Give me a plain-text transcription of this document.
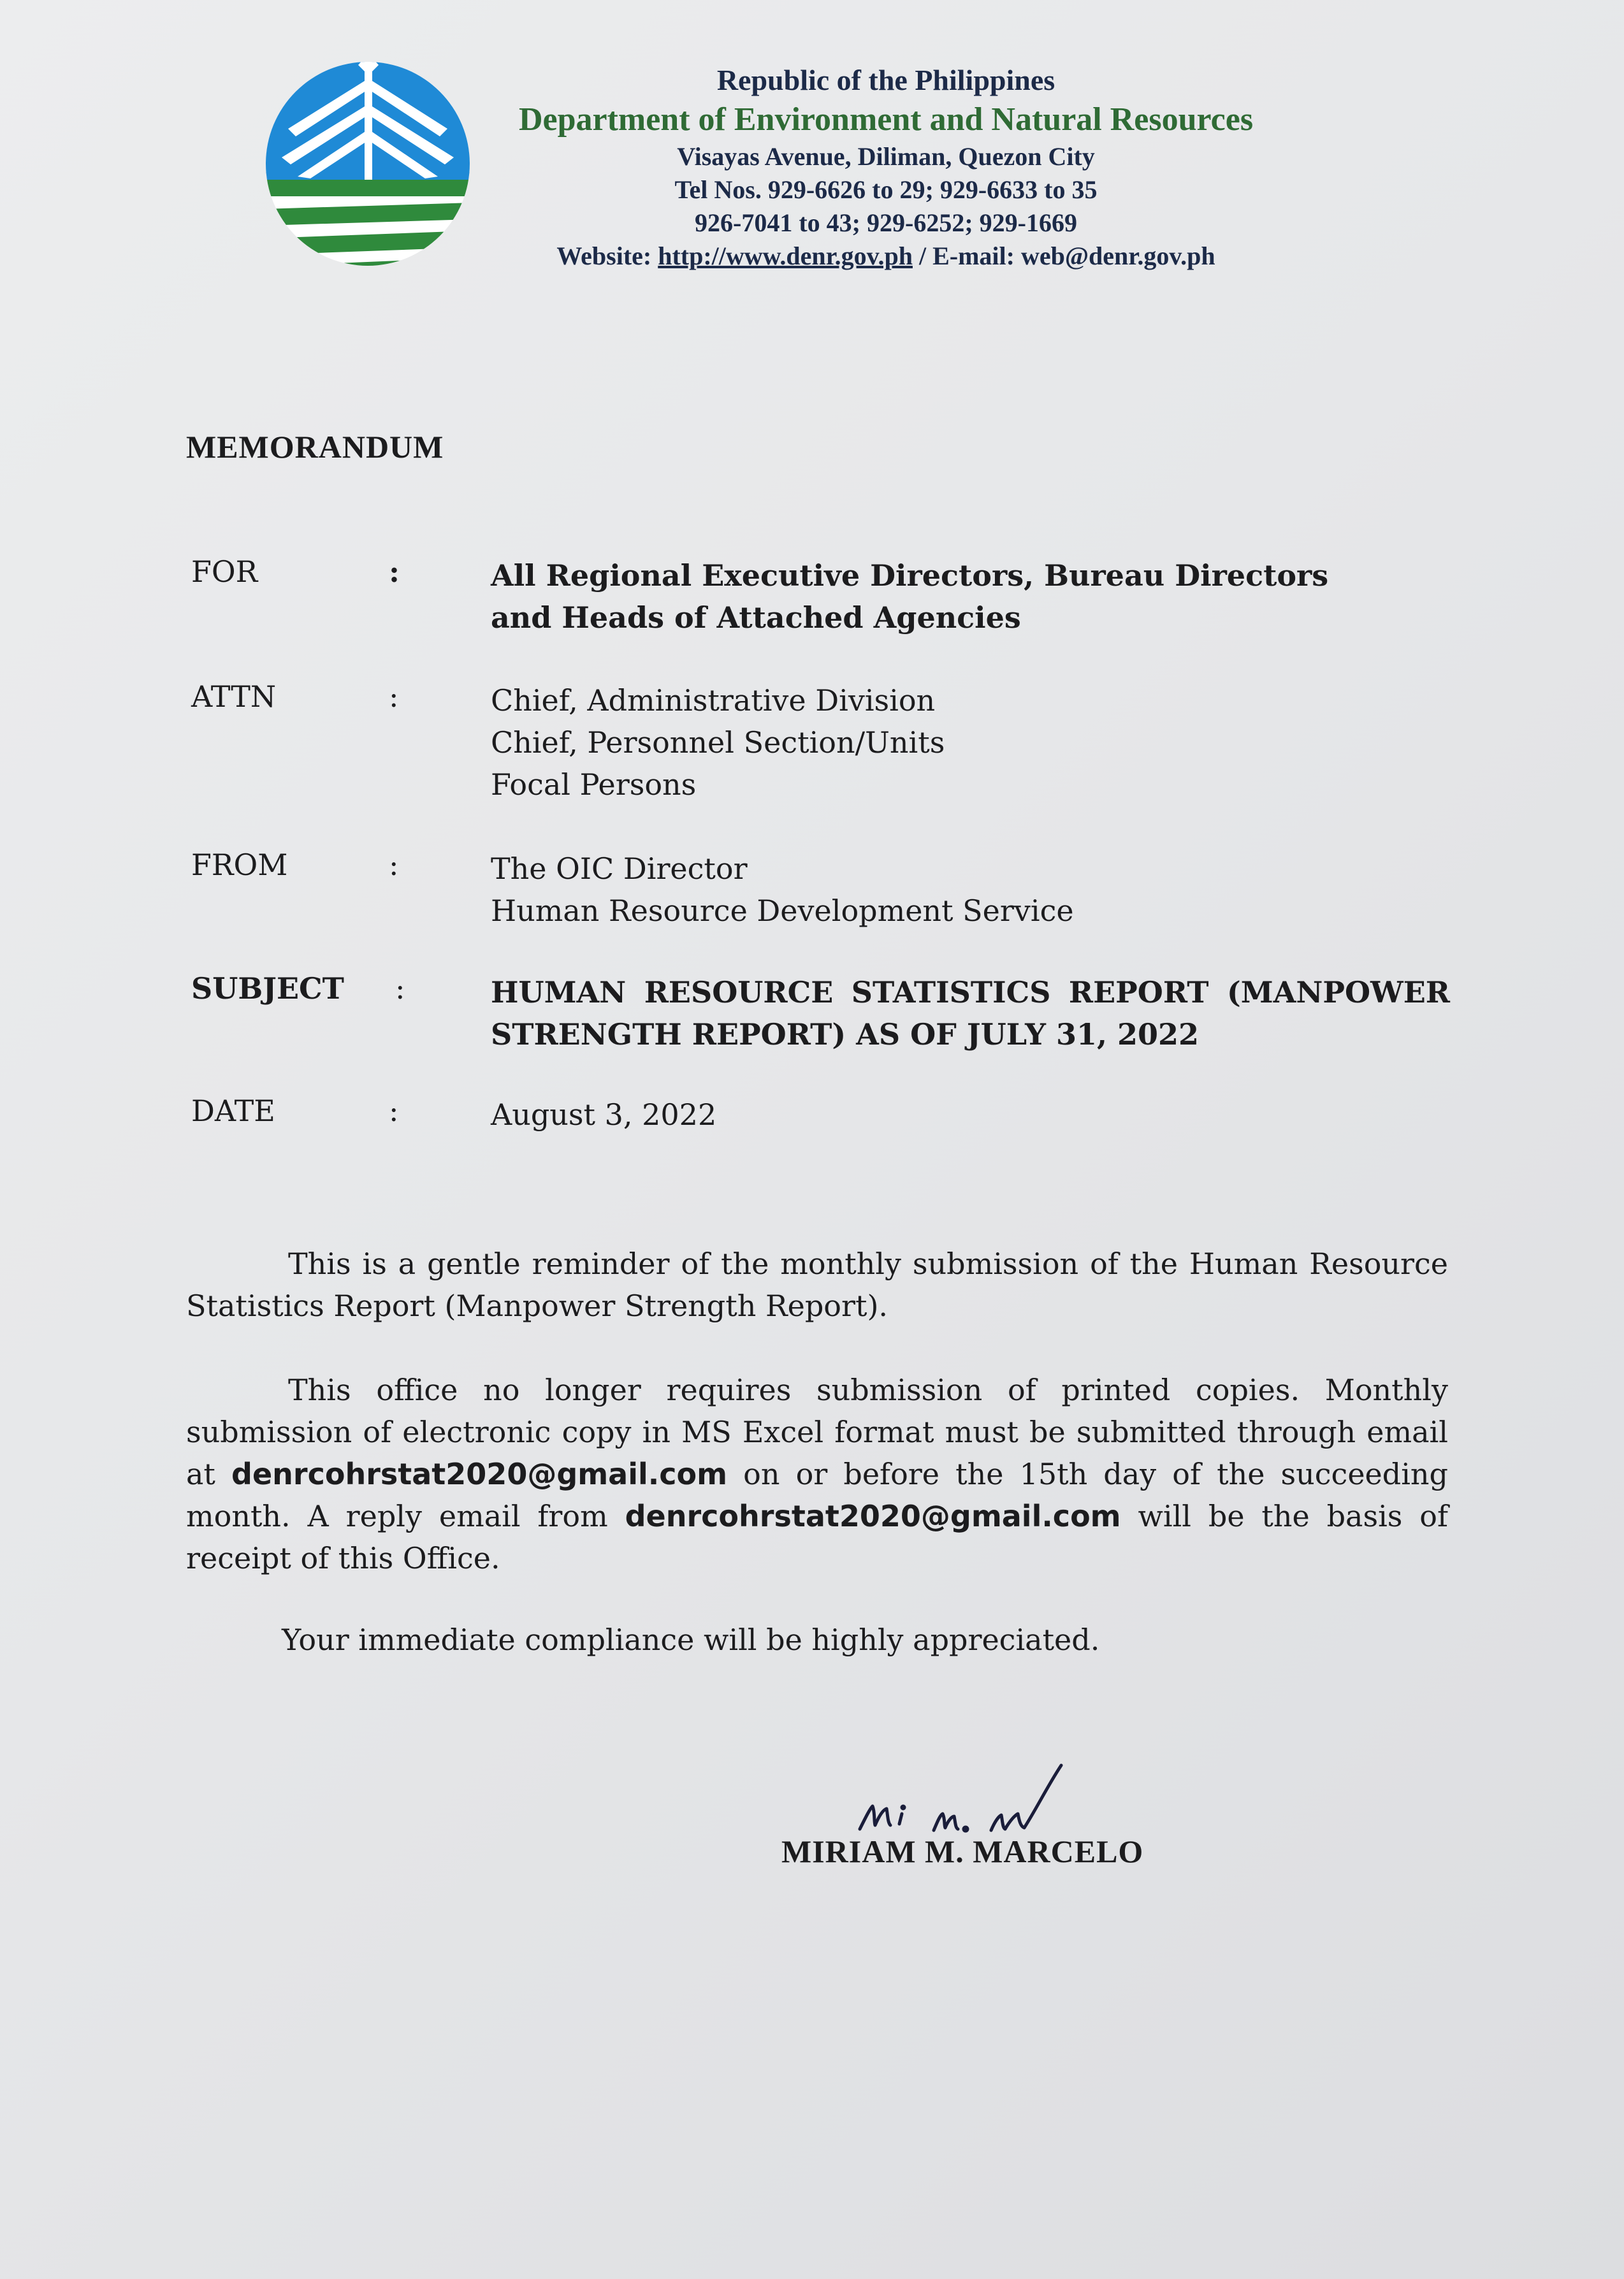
Republic of the Philippines
Department of Environment and Natural Resources
Visayas Avenue, Diliman, Quezon City
Tel Nos. 929-6626 to 29; 929-6633 to 35
926-7041 to 43; 929-6252; 929-1669
Website: http://www.denr.gov.ph / E-mail: web@denr.gov.ph
MEMORANDUM
FOR	:	All Regional Executive Directors, Bureau Directors
and Heads of Attached Agencies
ATTN	:	Chief, Administrative Division
Chief, Personnel Section/Units
Focal Persons
FROM	:	The OIC Director
Human Resource Development Service
SUBJECT :	HUMAN RESOURCE STATISTICS REPORT (MANPOWER STRENGTH REPORT) AS OF JULY 31, 2022
DATE	:	August 3, 2022
This is a gentle reminder of the monthly submission of the Human Resource Statistics Report (Manpower Strength Report).
This office no longer requires submission of printed copies. Monthly submission of electronic copy in MS Excel format must be submitted through email at denrcohrstat2020@gmail.com on or before the 15th day of the succeeding month. A reply email from denrcohrstat2020@gmail.com will be the basis of receipt of this Office.
Your immediate compliance will be highly appreciated.
MIRIAM M. MARCELO
